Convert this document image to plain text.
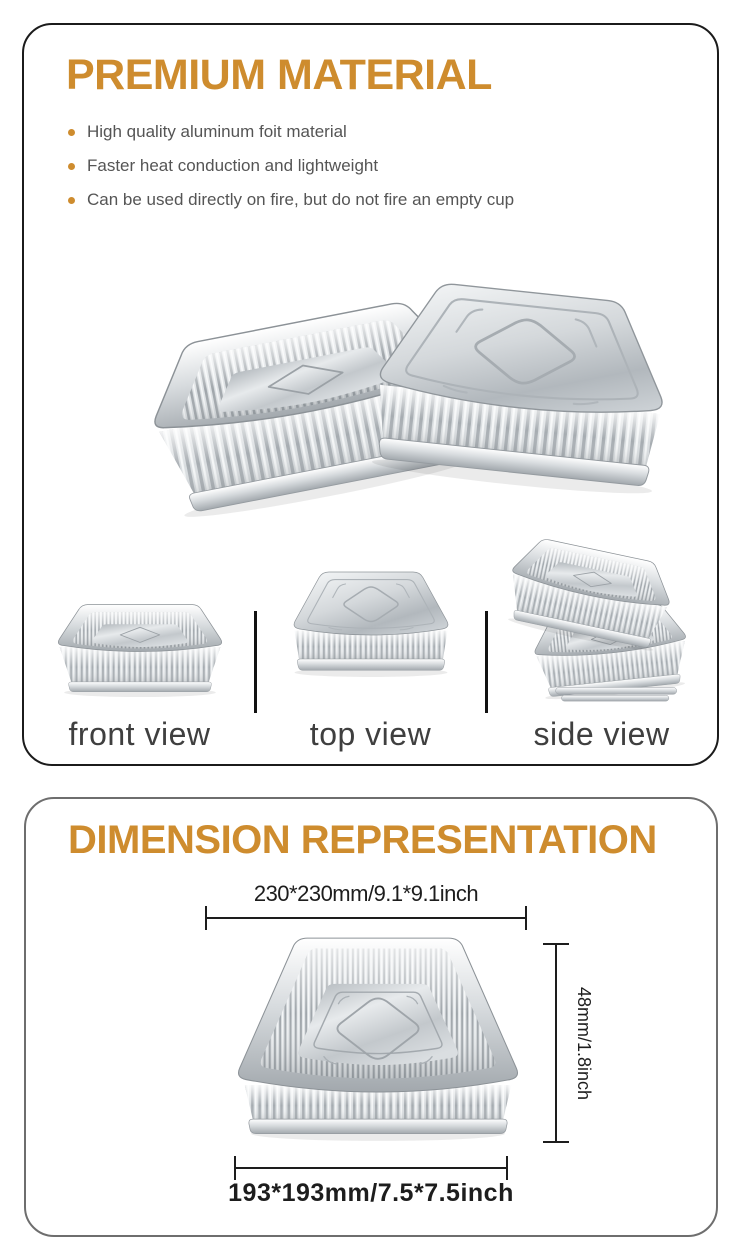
PREMIUM MATERIAL
High quality aluminum foit material
Faster heat conduction and lightweight
Can be used directly on fire, but do not fire an empty cup
front view	top view	side view
DIMENSION REPRESENTATION
230*230mm/9.1*9.1inch
48mm/1.8inch
193*193mm/7.5*7.5inch
